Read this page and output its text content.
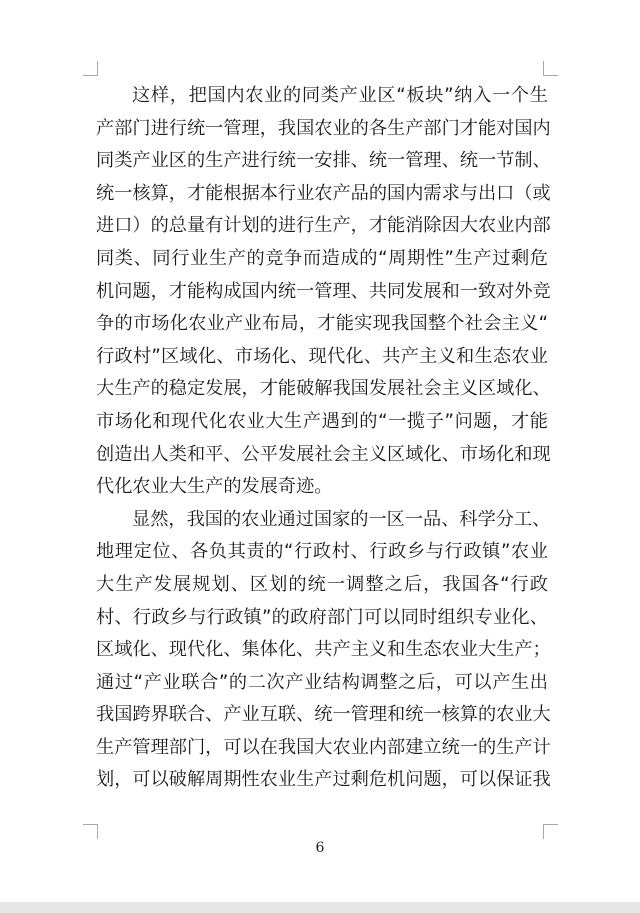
这样，把国内农业的同类产业区“板块”纳入一个生
产部门进行统一管理，我国农业的各生产部门才能对国内
同类产业区的生产进行统一安排、统一管理、统一节制、
统一核算，才能根据本行业农产品的国内需求与出口（或
进口）的总量有计划的进行生产，才能消除因大农业内部
同类、同行业生产的竞争而造成的“周期性”生产过剩危
机问题，才能构成国内统一管理、共同发展和一致对外竞
争的市场化农业产业布局，才能实现我国整个社会主义“
行政村”区域化、市场化、现代化、共产主义和生态农业
大生产的稳定发展，才能破解我国发展社会主义区域化、
市场化和现代化农业大生产遇到的“一揽子”问题，才能
创造出人类和平、公平发展社会主义区域化、市场化和现
代化农业大生产的发展奇迹。
显然，我国的农业通过国家的一区一品、科学分工、
地理定位、各负其责的“行政村、行政乡与行政镇”农业
大生产发展规划、区划的统一调整之后，我国各“行政
村、行政乡与行政镇”的政府部门可以同时组织专业化、
区域化、现代化、集体化、共产主义和生态农业大生产；
通过“产业联合”的二次产业结构调整之后，可以产生出
我国跨界联合、产业互联、统一管理和统一核算的农业大
生产管理部门，可以在我国大农业内部建立统一的生产计
划，可以破解周期性农业生产过剩危机问题，可以保证我
6
